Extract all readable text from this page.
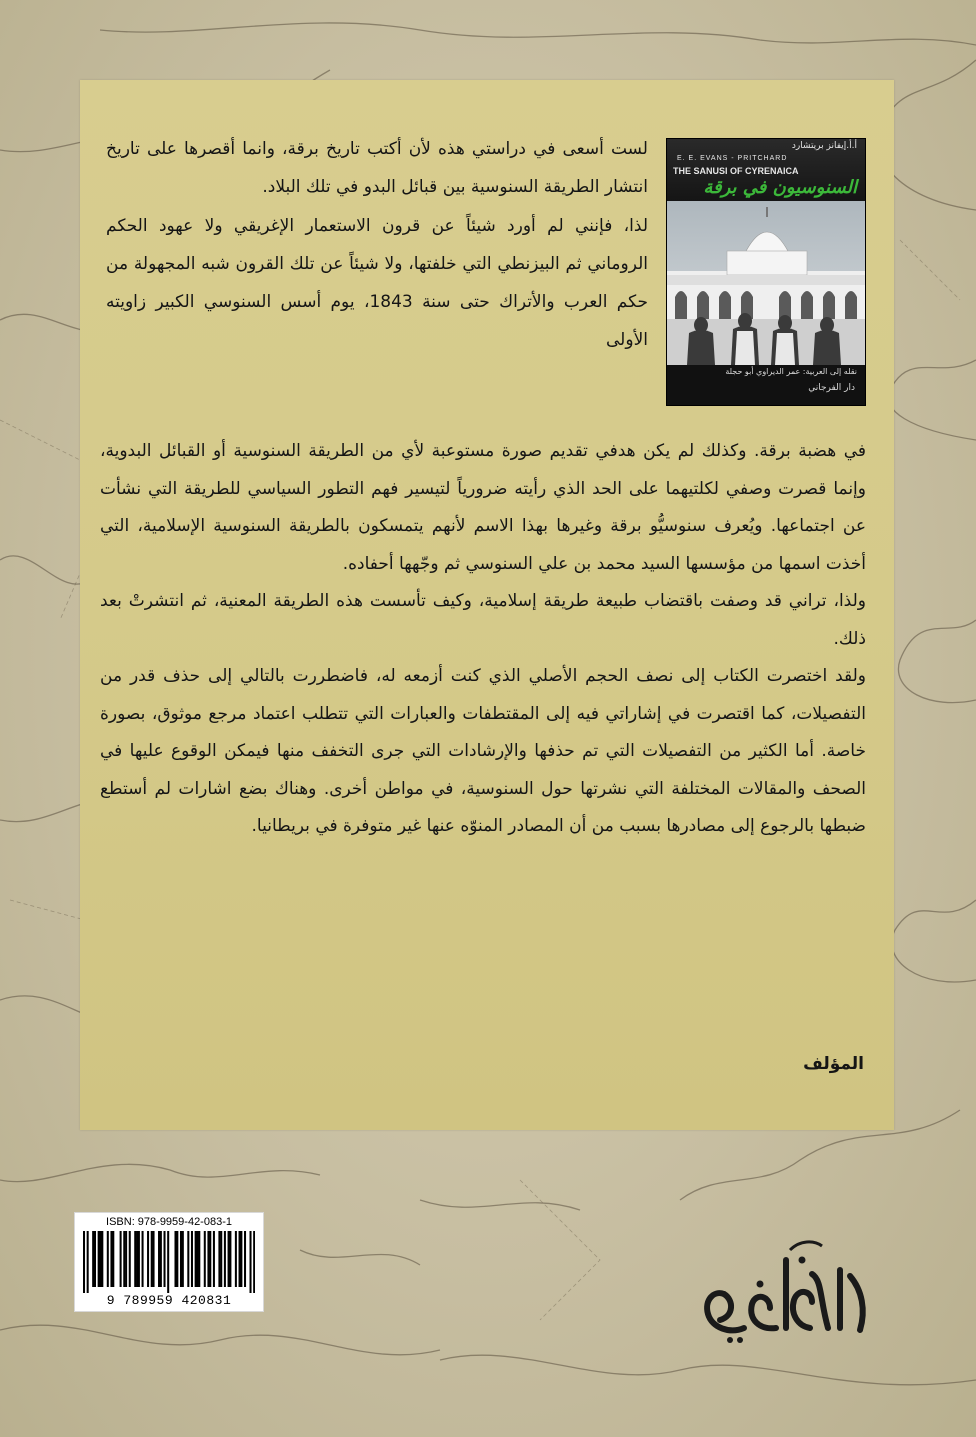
أ.أ.إيفانز بريتشارد
E. E. EVANS - PRITCHARD
THE SANUSI OF CYRENAICA
السنوسيون في برقة
نقله إلى العربية: عمر الديراوي أبو حجلة
دار الفرجاني

لست أسعى في دراستي هذه لأن أكتب تاريخ برقة، وانما أقصرها على تاريخ انتشار الطريقة السنوسية بين قبائل البدو في تلك البلاد.

لذا، فإنني لم أورد شيئاً عن قرون الاستعمار الإغريقي ولا عهود الحكم الروماني ثم البيزنطي التي خلفتها، ولا شيئاً عن تلك القرون شبه المجهولة من حكم العرب والأتراك حتى سنة 1843، يوم أسس السنوسي الكبير زاويته الأولى

في هضبة برقة. وكذلك لم يكن هدفي تقديم صورة مستوعبة لأي من الطريقة السنوسية أو القبائل البدوية، وإنما قصرت وصفي لكلتيهما على الحد الذي رأيته ضرورياً لتيسير فهم التطور السياسي للطريقة التي نشأت عن اجتماعها. ويُعرف سنوسيُّو برقة وغيرها بهذا الاسم لأنهم يتمسكون بالطريقة السنوسية الإسلامية، التي أخذت اسمها من مؤسسها السيد محمد بن علي السنوسي ثم وجّهها أحفاده.

ولذا، تراني قد وصفت باقتضاب طبيعة طريقة إسلامية، وكيف تأسست هذه الطريقة المعنية، ثم انتشرتْ بعد ذلك.

ولقد اختصرت الكتاب إلى نصف الحجم الأصلي الذي كنت أزمعه له، فاضطررت بالتالي إلى حذف قدر من التفصيلات، كما اقتصرت في إشاراتي فيه إلى المقتطفات والعبارات التي تتطلب اعتماد مرجع موثوق، بصورة خاصة. أما الكثير من التفصيلات التي تم حذفها والإرشادات التي جرى التخفف منها فيمكن الوقوع عليها في الصحف والمقالات المختلفة التي نشرتها حول السنوسية، في مواطن أخرى. وهناك بضع اشارات لم أستطع ضبطها بالرجوع إلى مصادرها بسبب من أن المصادر المنوّه عنها غير متوفرة في بريطانيا.

المؤلف
ISBN: 978-9959-42-083-1
9 789959 420831
